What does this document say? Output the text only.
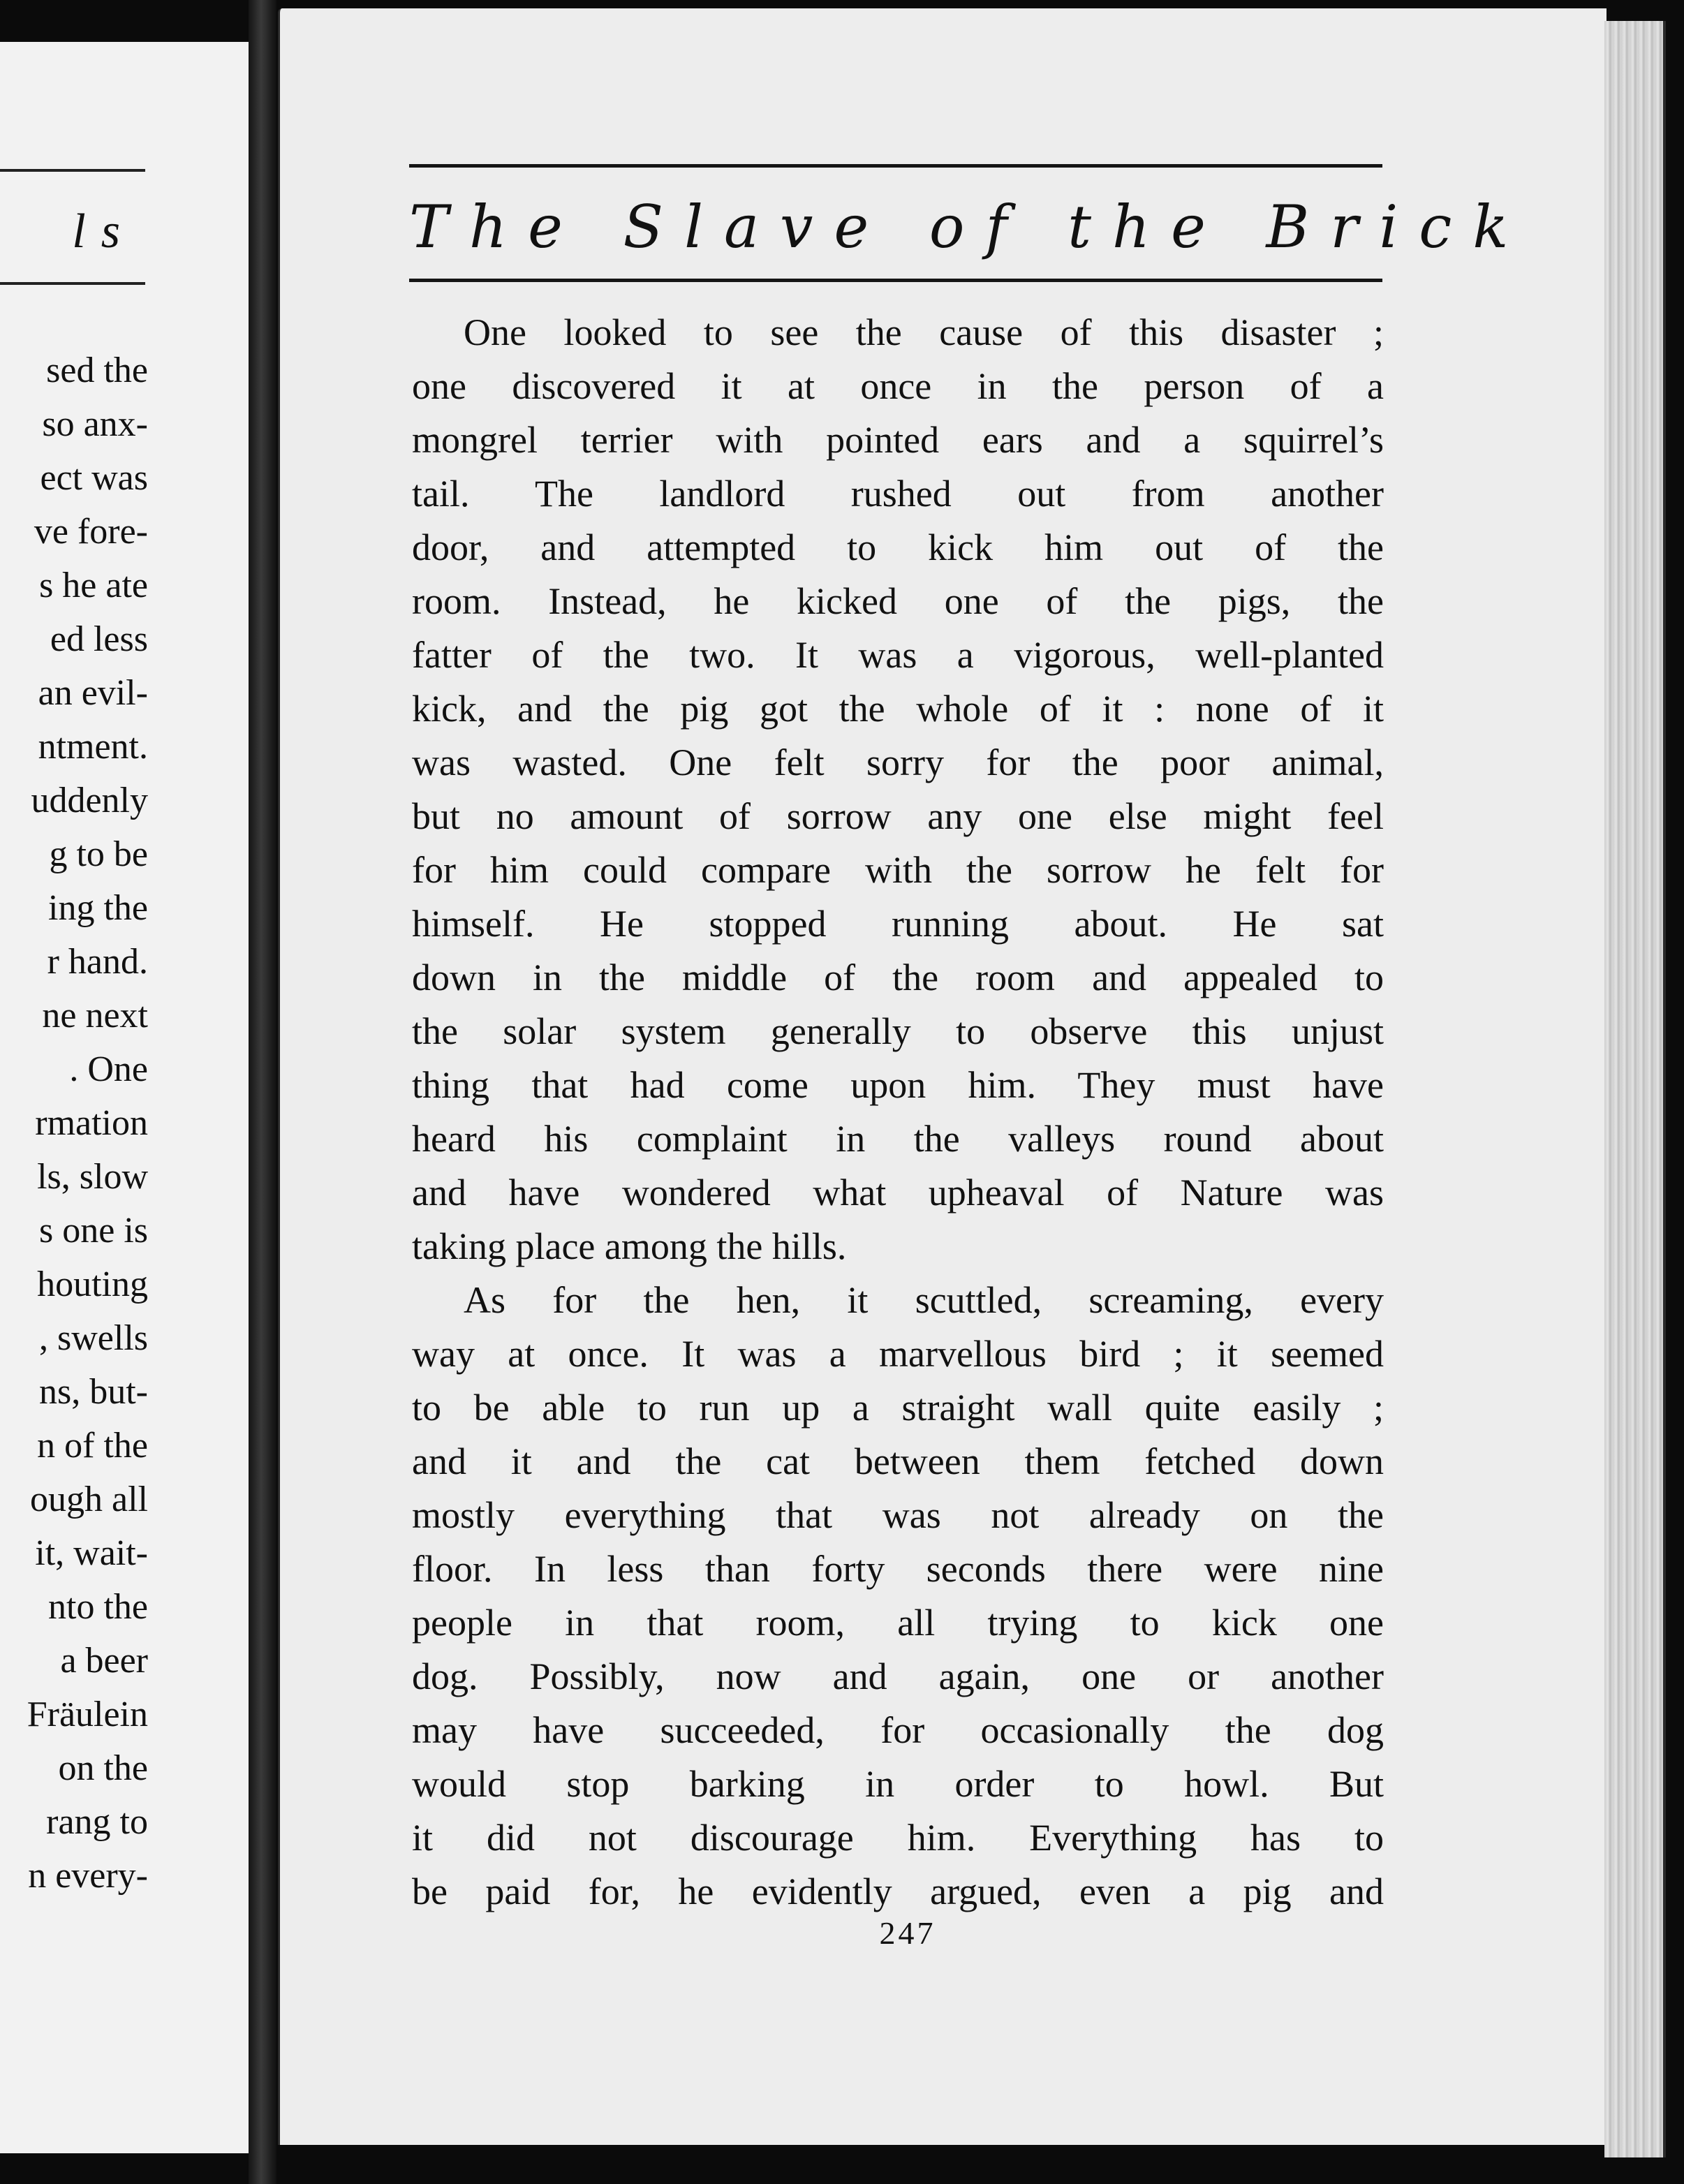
ls
sed the
so anx-
ect was
ve fore-
s he ate
ed less
an evil-
ntment.
uddenly
g to be
ing the
r hand.
ne next
. One
rmation
ls, slow
s one is
houting
, swells
ns, but-
n of the
ough all
it, wait-
nto the
a beer
Fräulein
on the
rang to
n every-
The Slave of the Brick
One looked to see the cause of this disaster ;
one discovered it at once in the person of a
mongrel terrier with pointed ears and a squirrel’s
tail. The landlord rushed out from another
door, and attempted to kick him out of the
room. Instead, he kicked one of the pigs, the
fatter of the two. It was a vigorous, well-planted
kick, and the pig got the whole of it : none of it
was wasted. One felt sorry for the poor animal,
but no amount of sorrow any one else might feel
for him could compare with the sorrow he felt for
himself. He stopped running about. He sat
down in the middle of the room and appealed to
the solar system generally to observe this unjust
thing that had come upon him. They must have
heard his complaint in the valleys round about
and have wondered what upheaval of Nature was
taking place among the hills.
As for the hen, it scuttled, screaming, every
way at once. It was a marvellous bird ; it seemed
to be able to run up a straight wall quite easily ;
and it and the cat between them fetched down
mostly everything that was not already on the
floor. In less than forty seconds there were nine
people in that room, all trying to kick one
dog. Possibly, now and again, one or another
may have succeeded, for occasionally the dog
would stop barking in order to howl. But
it did not discourage him. Everything has to
be paid for, he evidently argued, even a pig and
247
